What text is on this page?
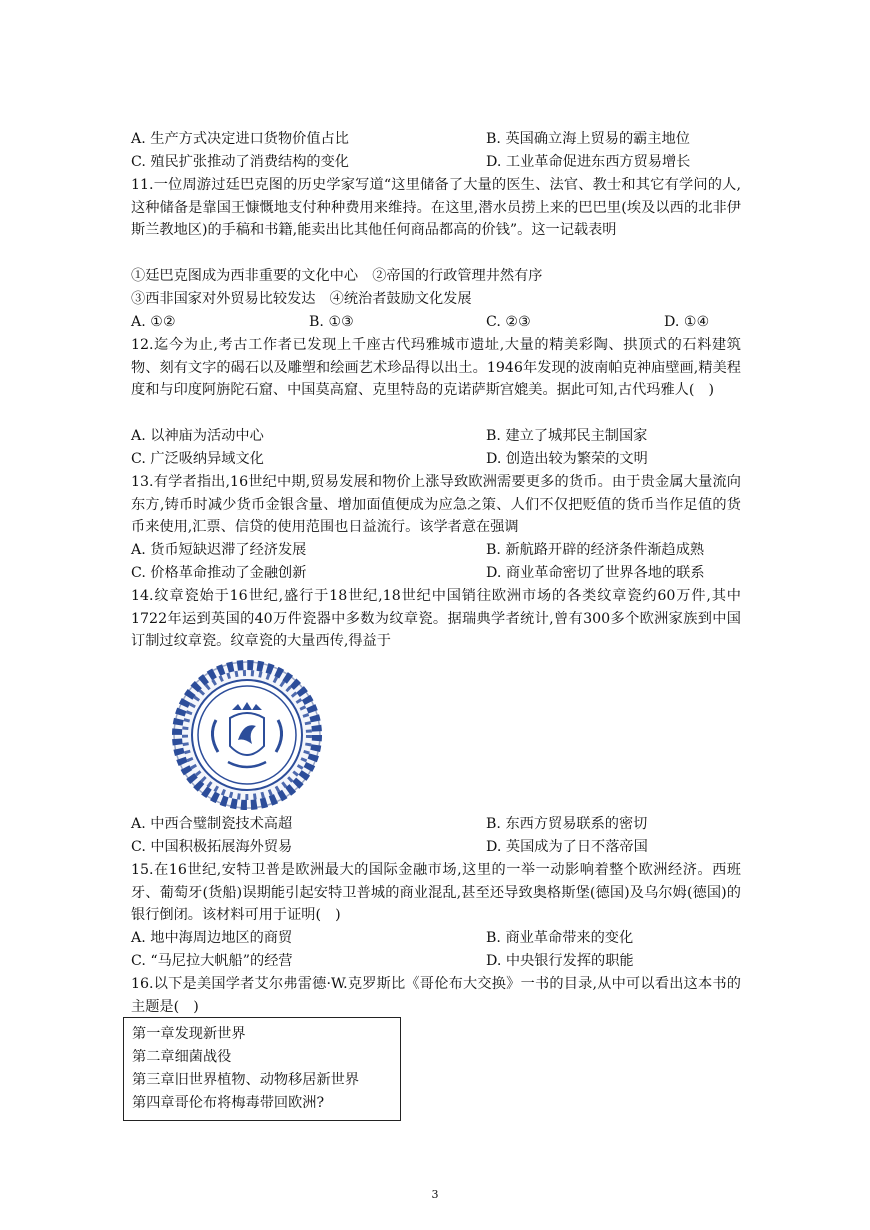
A. 生产方式决定进口货物价值占比	B. 英国确立海上贸易的霸主地位
C. 殖民扩张推动了消费结构的变化	D. 工业革命促进东西方贸易增长
11.一位周游过廷巴克图的历史学家写道“这里储备了大量的医生、法官、教士和其它有学问的人,这种储备是靠国王慷慨地支付种种费用来维持。在这里,潜水员捞上来的巴巴里(埃及以西的北非伊斯兰教地区)的手稿和书籍,能卖出比其他任何商品都高的价钱”。这一记载表明
①廷巴克图成为西非重要的文化中心　②帝国的行政管理井然有序
③西非国家对外贸易比较发达　④统治者鼓励文化发展
A. ①②	B. ①③	C. ②③	D. ①④
12.迄今为止,考古工作者已发现上千座古代玛雅城市遗址,大量的精美彩陶、拱顶式的石料建筑物、刻有文字的碣石以及雕塑和绘画艺术珍品得以出土。1946年发现的波南帕克神庙壁画,精美程度和与印度阿旃陀石窟、中国莫高窟、克里特岛的克诺萨斯宫媲美。据此可知,古代玛雅人(　)
A. 以神庙为活动中心	B. 建立了城邦民主制国家
C. 广泛吸纳异域文化	D. 创造出较为繁荣的文明
13.有学者指出,16世纪中期,贸易发展和物价上涨导致欧洲需要更多的货币。由于贵金属大量流向东方,铸币时减少货币金银含量、增加面值便成为应急之策、人们不仅把贬值的货币当作足值的货币来使用,汇票、信贷的使用范围也日益流行。该学者意在强调
A. 货币短缺迟滞了经济发展	B. 新航路开辟的经济条件渐趋成熟
C. 价格革命推动了金融创新	D. 商业革命密切了世界各地的联系
14.纹章瓷始于16世纪,盛行于18世纪,18世纪中国销往欧洲市场的各类纹章瓷约60万件,其中1722年运到英国的40万件瓷器中多数为纹章瓷。据瑞典学者统计,曾有300多个欧洲家族到中国订制过纹章瓷。纹章瓷的大量西传,得益于
A. 中西合璧制瓷技术高超	B. 东西方贸易联系的密切
C. 中国积极拓展海外贸易	D. 英国成为了日不落帝国
15.在16世纪,安特卫普是欧洲最大的国际金融市场,这里的一举一动影响着整个欧洲经济。西班牙、葡萄牙(货船)误期能引起安特卫普城的商业混乱,甚至还导致奥格斯堡(德国)及乌尔姆(德国)的银行倒闭。该材料可用于证明(　)
A. 地中海周边地区的商贸	B. 商业革命带来的变化
C. “马尼拉大帆船”的经营	D. 中央银行发挥的职能
16.以下是美国学者艾尔弗雷德·W.克罗斯比《哥伦布大交换》一书的目录,从中可以看出这本书的主题是(　)
第一章发现新世界
第二章细菌战役
第三章旧世界植物、动物移居新世界
第四章哥伦布将梅毒带回欧洲?
3
